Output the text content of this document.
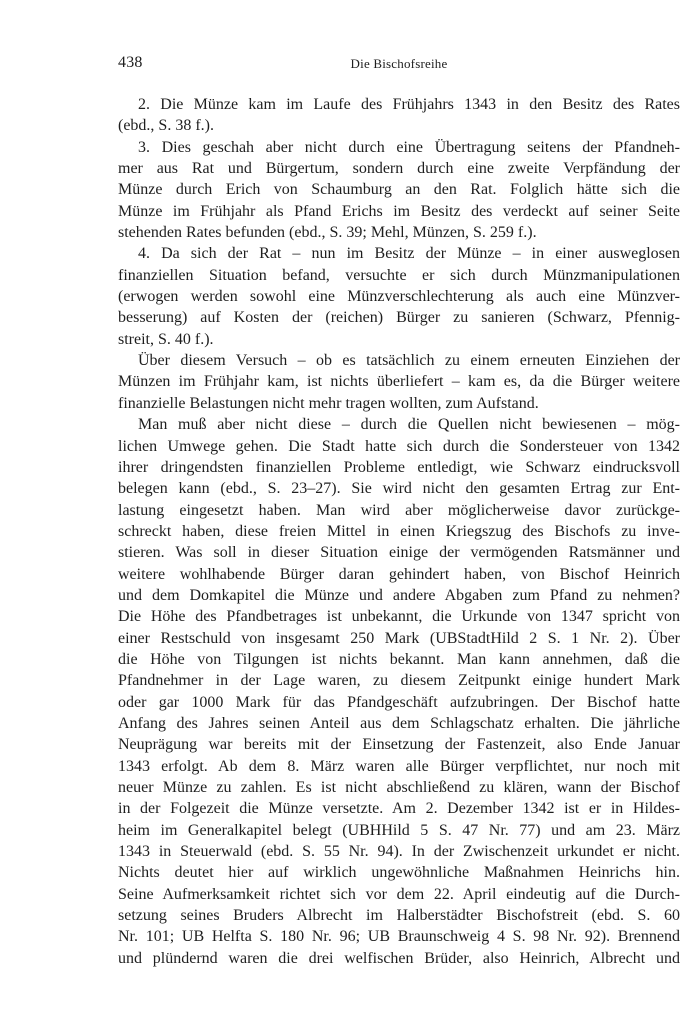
438	Die Bischofsreihe
2. Die Münze kam im Laufe des Frühjahrs 1343 in den Besitz des Rates
(ebd., S. 38 f.).
3. Dies geschah aber nicht durch eine Übertragung seitens der Pfandneh-
mer aus Rat und Bürgertum, sondern durch eine zweite Verpfändung der
Münze durch Erich von Schaumburg an den Rat. Folglich hätte sich die
Münze im Frühjahr als Pfand Erichs im Besitz des verdeckt auf seiner Seite
stehenden Rates befunden (ebd., S. 39; Mehl, Münzen, S. 259 f.).
4. Da sich der Rat – nun im Besitz der Münze – in einer ausweglosen
finanziellen Situation befand, versuchte er sich durch Münzmanipulationen
(erwogen werden sowohl eine Münzverschlechterung als auch eine Münzver-
besserung) auf Kosten der (reichen) Bürger zu sanieren (Schwarz, Pfennig-
streit, S. 40 f.).
Über diesem Versuch – ob es tatsächlich zu einem erneuten Einziehen der
Münzen im Frühjahr kam, ist nichts überliefert – kam es, da die Bürger weitere
finanzielle Belastungen nicht mehr tragen wollten, zum Aufstand.
Man muß aber nicht diese – durch die Quellen nicht bewiesenen – mög-
lichen Umwege gehen. Die Stadt hatte sich durch die Sondersteuer von 1342
ihrer dringendsten finanziellen Probleme entledigt, wie Schwarz eindrucksvoll
belegen kann (ebd., S. 23–27). Sie wird nicht den gesamten Ertrag zur Ent-
lastung eingesetzt haben. Man wird aber möglicherweise davor zurückge-
schreckt haben, diese freien Mittel in einen Kriegszug des Bischofs zu inve-
stieren. Was soll in dieser Situation einige der vermögenden Ratsmänner und
weitere wohlhabende Bürger daran gehindert haben, von Bischof Heinrich
und dem Domkapitel die Münze und andere Abgaben zum Pfand zu nehmen?
Die Höhe des Pfandbetrages ist unbekannt, die Urkunde von 1347 spricht von
einer Restschuld von insgesamt 250 Mark (UBStadtHild 2 S. 1 Nr. 2). Über
die Höhe von Tilgungen ist nichts bekannt. Man kann annehmen, daß die
Pfandnehmer in der Lage waren, zu diesem Zeitpunkt einige hundert Mark
oder gar 1000 Mark für das Pfandgeschäft aufzubringen. Der Bischof hatte
Anfang des Jahres seinen Anteil aus dem Schlagschatz erhalten. Die jährliche
Neuprägung war bereits mit der Einsetzung der Fastenzeit, also Ende Januar
1343 erfolgt. Ab dem 8. März waren alle Bürger verpflichtet, nur noch mit
neuer Münze zu zahlen. Es ist nicht abschließend zu klären, wann der Bischof
in der Folgezeit die Münze versetzte. Am 2. Dezember 1342 ist er in Hildes-
heim im Generalkapitel belegt (UBHHild 5 S. 47 Nr. 77) und am 23. März
1343 in Steuerwald (ebd. S. 55 Nr. 94). In der Zwischenzeit urkundet er nicht.
Nichts deutet hier auf wirklich ungewöhnliche Maßnahmen Heinrichs hin.
Seine Aufmerksamkeit richtet sich vor dem 22. April eindeutig auf die Durch-
setzung seines Bruders Albrecht im Halberstädter Bischofstreit (ebd. S. 60
Nr. 101; UB Helfta S. 180 Nr. 96; UB Braunschweig 4 S. 98 Nr. 92). Brennend
und plündernd waren die drei welfischen Brüder, also Heinrich, Albrecht und
